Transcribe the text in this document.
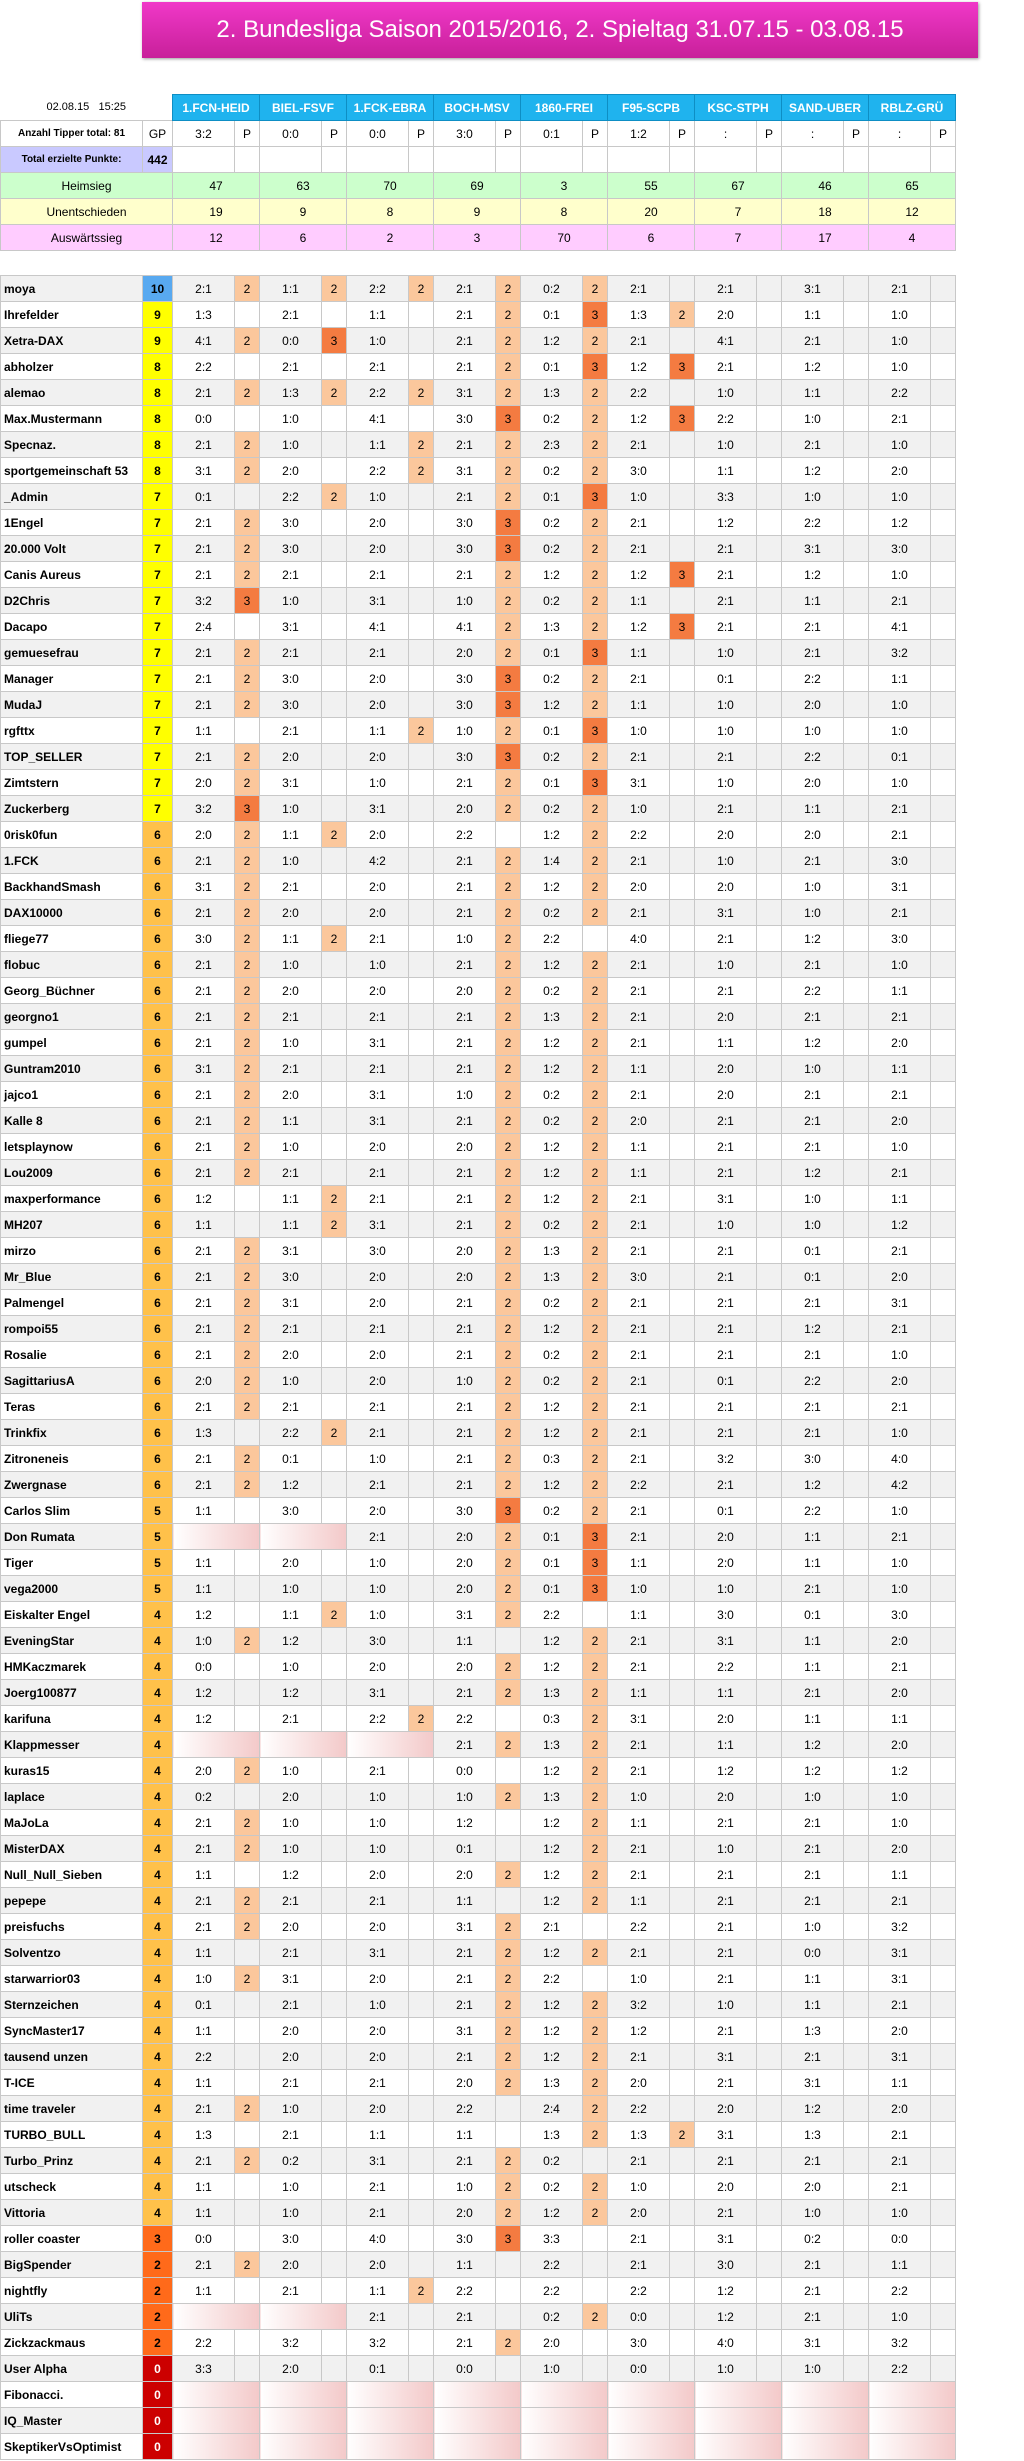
2. Bundesliga Saison 2015/2016, 2. Spieltag 31.07.15 - 03.08.15
02.08.15 15:25		1.FCN-HEID		BIEL-FSVF		1.FCK-EBRA		BOCH-MSV		1860-FREI		F95-SCPB		KSC-STPH		SAND-UBER		RBLZ-GRÜ	
Anzahl Tipper total: 81	GP	3:2	P	0:0	P	0:0	P	3:0	P	0:1	P	1:2	P	:	P	:	P	:	P
Total erzielte Punkte:	442																		
Heimsieg		47		63		70		69		3		55		67		46		65	
Unentschieden		19		9		8		9		8		20		7		18		12	
Auswärtssieg		12		6		2		3		70		6		7		17		4	

moya	10	2:1	2	1:1	2	2:2	2	2:1	2	0:2	2	2:1		2:1		3:1		2:1	
Ihrefelder	9	1:3		2:1		1:1		2:1	2	0:1	3	1:3	2	2:0		1:1		1:0	
Xetra-DAX	9	4:1	2	0:0	3	1:0		2:1	2	1:2	2	2:1		4:1		2:1		1:0	
abholzer	8	2:2		2:1		2:1		2:1	2	0:1	3	1:2	3	2:1		1:2		1:0	
alemao	8	2:1	2	1:3	2	2:2	2	3:1	2	1:3	2	2:2		1:0		1:1		2:2	
Max.Mustermann	8	0:0		1:0		4:1		3:0	3	0:2	2	1:2	3	2:2		1:0		2:1	
Specnaz.	8	2:1	2	1:0		1:1	2	2:1	2	2:3	2	2:1		1:0		2:1		1:0	
sportgemeinschaft 53	8	3:1	2	2:0		2:2	2	3:1	2	0:2	2	3:0		1:1		1:2		2:0	
_Admin	7	0:1		2:2	2	1:0		2:1	2	0:1	3	1:0		3:3		1:0		1:0	
1Engel	7	2:1	2	3:0		2:0		3:0	3	0:2	2	2:1		1:2		2:2		1:2	
20.000 Volt	7	2:1	2	3:0		2:0		3:0	3	0:2	2	2:1		2:1		3:1		3:0	
Canis Aureus	7	2:1	2	2:1		2:1		2:1	2	1:2	2	1:2	3	2:1		1:2		1:0	
D2Chris	7	3:2	3	1:0		3:1		1:0	2	0:2	2	1:1		2:1		1:1		2:1	
Dacapo	7	2:4		3:1		4:1		4:1	2	1:3	2	1:2	3	2:1		2:1		4:1	
gemuesefrau	7	2:1	2	2:1		2:1		2:0	2	0:1	3	1:1		1:0		2:1		3:2	
Manager	7	2:1	2	3:0		2:0		3:0	3	0:2	2	2:1		0:1		2:2		1:1	
MudaJ	7	2:1	2	3:0		2:0		3:0	3	1:2	2	1:1		1:0		2:0		1:0	
rgfttx	7	1:1		2:1		1:1	2	1:0	2	0:1	3	1:0		1:0		1:0		1:0	
TOP_SELLER	7	2:1	2	2:0		2:0		3:0	3	0:2	2	2:1		2:1		2:2		0:1	
Zimtstern	7	2:0	2	3:1		1:0		2:1	2	0:1	3	3:1		1:0		2:0		1:0	
Zuckerberg	7	3:2	3	1:0		3:1		2:0	2	0:2	2	1:0		2:1		1:1		2:1	
0risk0fun	6	2:0	2	1:1	2	2:0		2:2		1:2	2	2:2		2:0		2:0		2:1	
1.FCK	6	2:1	2	1:0		4:2		2:1	2	1:4	2	2:1		1:0		2:1		3:0	
BackhandSmash	6	3:1	2	2:1		2:0		2:1	2	1:2	2	2:0		2:0		1:0		3:1	
DAX10000	6	2:1	2	2:0		2:0		2:1	2	0:2	2	2:1		3:1		1:0		2:1	
fliege77	6	3:0	2	1:1	2	2:1		1:0	2	2:2		4:0		2:1		1:2		3:0	
flobuc	6	2:1	2	1:0		1:0		2:1	2	1:2	2	2:1		1:0		2:1		1:0	
Georg_Büchner	6	2:1	2	2:0		2:0		2:0	2	0:2	2	2:1		2:1		2:2		1:1	
georgno1	6	2:1	2	2:1		2:1		2:1	2	1:3	2	2:1		2:0		2:1		2:1	
gumpel	6	2:1	2	1:0		3:1		2:1	2	1:2	2	2:1		1:1		1:2		2:0	
Guntram2010	6	3:1	2	2:1		2:1		2:1	2	1:2	2	1:1		2:0		1:0		1:1	
jajco1	6	2:1	2	2:0		3:1		1:0	2	0:2	2	2:1		2:0		2:1		2:1	
Kalle 8	6	2:1	2	1:1		3:1		2:1	2	0:2	2	2:0		2:1		2:1		2:0	
letsplaynow	6	2:1	2	1:0		2:0		2:0	2	1:2	2	1:1		2:1		2:1		1:0	
Lou2009	6	2:1	2	2:1		2:1		2:1	2	1:2	2	1:1		2:1		1:2		2:1	
maxperformance	6	1:2		1:1	2	2:1		2:1	2	1:2	2	2:1		3:1		1:0		1:1	
MH207	6	1:1		1:1	2	3:1		2:1	2	0:2	2	2:1		1:0		1:0		1:2	
mirzo	6	2:1	2	3:1		3:0		2:0	2	1:3	2	2:1		2:1		0:1		2:1	
Mr_Blue	6	2:1	2	3:0		2:0		2:0	2	1:3	2	3:0		2:1		0:1		2:0	
Palmengel	6	2:1	2	3:1		2:0		2:1	2	0:2	2	2:1		2:1		2:1		3:1	
rompoi55	6	2:1	2	2:1		2:1		2:1	2	1:2	2	2:1		2:1		1:2		2:1	
Rosalie	6	2:1	2	2:0		2:0		2:1	2	0:2	2	2:1		2:1		2:1		1:0	
SagittariusA	6	2:0	2	1:0		2:0		1:0	2	0:2	2	2:1		0:1		2:2		2:0	
Teras	6	2:1	2	2:1		2:1		2:1	2	1:2	2	2:1		2:1		2:1		2:1	
Trinkfix	6	1:3		2:2	2	2:1		2:1	2	1:2	2	2:1		2:1		2:1		1:0	
Zitroneneis	6	2:1	2	0:1		1:0		2:1	2	0:3	2	2:1		3:2		3:0		4:0	
Zwergnase	6	2:1	2	1:2		2:1		2:1	2	1:2	2	2:2		2:1		1:2		4:2	
Carlos Slim	5	1:1		3:0		2:0		3:0	3	0:2	2	2:1		0:1		2:2		1:0	
Don Rumata	5					2:1		2:0	2	0:1	3	2:1		2:0		1:1		2:1	
Tiger	5	1:1		2:0		1:0		2:0	2	0:1	3	1:1		2:0		1:1		1:0	
vega2000	5	1:1		1:0		1:0		2:0	2	0:1	3	1:0		1:0		2:1		1:0	
Eiskalter Engel	4	1:2		1:1	2	1:0		3:1	2	2:2		1:1		3:0		0:1		3:0	
EveningStar	4	1:0	2	1:2		3:0		1:1		1:2	2	2:1		3:1		1:1		2:0	
HMKaczmarek	4	0:0		1:0		2:0		2:0	2	1:2	2	2:1		2:2		1:1		2:1	
Joerg100877	4	1:2		1:2		3:1		2:1	2	1:3	2	1:1		1:1		2:1		2:0	
karifuna	4	1:2		2:1		2:2	2	2:2		0:3	2	3:1		2:0		1:1		1:1	
Klappmesser	4							2:1	2	1:3	2	2:1		1:1		1:2		2:0	
kuras15	4	2:0	2	1:0		2:1		0:0		1:2	2	2:1		1:2		1:2		1:2	
laplace	4	0:2		2:0		1:0		1:0	2	1:3	2	1:0		2:0		1:0		1:0	
MaJoLa	4	2:1	2	1:0		1:0		1:2		1:2	2	1:1		2:1		2:1		1:0	
MisterDAX	4	2:1	2	1:0		1:0		0:1		1:2	2	2:1		1:0		2:1		2:0	
Null_Null_Sieben	4	1:1		1:2		2:0		2:0	2	1:2	2	2:1		2:1		2:1		1:1	
pepepe	4	2:1	2	2:1		2:1		1:1		1:2	2	1:1		2:1		2:1		2:1	
preisfuchs	4	2:1	2	2:0		2:0		3:1	2	2:1		2:2		2:1		1:0		3:2	
Solventzo	4	1:1		2:1		3:1		2:1	2	1:2	2	2:1		2:1		0:0		3:1	
starwarrior03	4	1:0	2	3:1		2:0		2:1	2	2:2		1:0		2:1		1:1		3:1	
Sternzeichen	4	0:1		2:1		1:0		2:1	2	1:2	2	3:2		1:0		1:1		2:1	
SyncMaster17	4	1:1		2:0		2:0		3:1	2	1:2	2	1:2		2:1		1:3		2:0	
tausend unzen	4	2:2		2:0		2:0		2:1	2	1:2	2	2:1		3:1		2:1		3:1	
T-ICE	4	1:1		2:1		2:1		2:0	2	1:3	2	2:0		2:1		3:1		1:1	
time traveler	4	2:1	2	1:0		2:0		2:2		2:4	2	2:2		2:0		1:2		2:0	
TURBO_BULL	4	1:3		2:1		1:1		1:1		1:3	2	1:3	2	3:1		1:3		2:1	
Turbo_Prinz	4	2:1	2	0:2		3:1		2:1	2	0:2		2:1		2:1		2:1		2:1	
utscheck	4	1:1		1:0		2:1		1:0	2	0:2	2	1:0		2:0		2:0		2:1	
Vittoria	4	1:1		1:0		2:1		2:0	2	1:2	2	2:0		2:1		1:0		1:0	
roller coaster	3	0:0		3:0		4:0		3:0	3	3:3		2:1		3:1		0:2		0:0	
BigSpender	2	2:1	2	2:0		2:0		1:1		2:2		2:1		3:0		2:1		1:1	
nightfly	2	1:1		2:1		1:1	2	2:2		2:2		2:2		1:2		2:1		2:2	
UliTs	2					2:1		2:1		0:2	2	0:0		1:2		2:1		1:0	
Zickzackmaus	2	2:2		3:2		3:2		2:1	2	2:0		3:0		4:0		3:1		3:2	
User Alpha	0	3:3		2:0		0:1		0:0		1:0		0:0		1:0		1:0		2:2	
Fibonacci.	0																		
IQ_Master	0																		
SkeptikerVsOptimist	0																		
